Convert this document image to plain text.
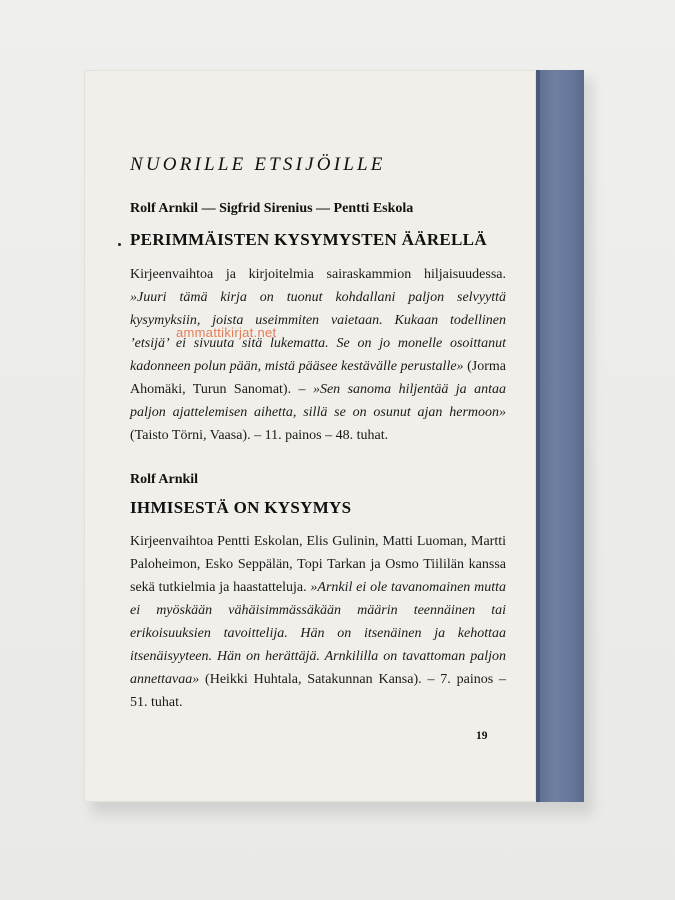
NUORILLE ETSIJÖILLE
Rolf Arnkil — Sigfrid Sirenius — Pentti Eskola
PERIMMÄISTEN KYSYMYSTEN ÄÄRELLÄ
Kirjeenvaihtoa ja kirjoitelmia sairaskammion hiljaisuudessa. »Juuri tämä kirja on tuonut kohdallani paljon selvyyttä kysymyksiin, joista useimmiten vaietaan. Kukaan todellinen ’etsijä’ ei sivuuta sitä lukematta. Se on jo monelle osoittanut kadonneen polun pään, mistä pääsee kestävälle perustalle» (Jorma Ahomäki, Turun Sanomat). – »Sen sanoma hiljentää ja antaa paljon ajattelemisen aihetta, sillä se on osunut ajan hermoon» (Taisto Törni, Vaasa). – 11. painos – 48. tuhat.
Rolf Arnkil
IHMISESTÄ ON KYSYMYS
Kirjeenvaihtoa Pentti Eskolan, Elis Gulinin, Matti Luoman, Martti Paloheimon, Esko Seppälän, Topi Tarkan ja Osmo Tiililän kanssa sekä tutkielmia ja haastatteluja. »Arnkil ei ole tavanomainen mutta ei myöskään vähäisimmässäkään määrin teennäinen tai erikoisuuksien tavoittelija. Hän on itsenäinen ja kehottaa itsenäisyyteen. Hän on herättäjä. Arnkililla on tavattoman paljon annettavaa» (Heikki Huhtala, Satakunnan Kansa). – 7. painos – 51. tuhat.
19
ammattikirjat.net
